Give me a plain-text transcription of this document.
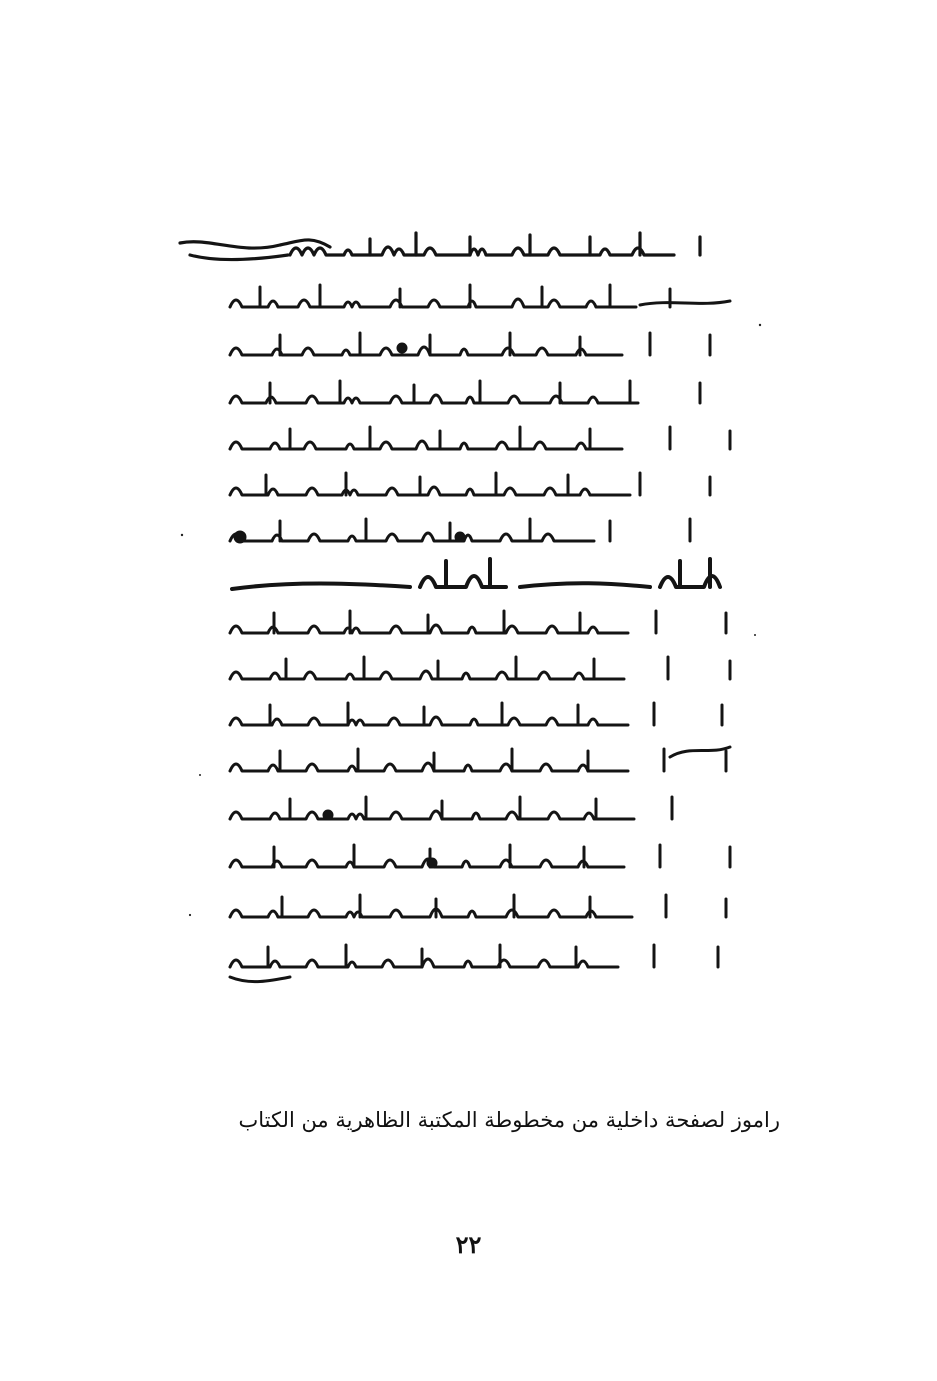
راموز لصفحة داخلية من مخطوطة المكتبة الظاهرية من الكتاب
٢٢
